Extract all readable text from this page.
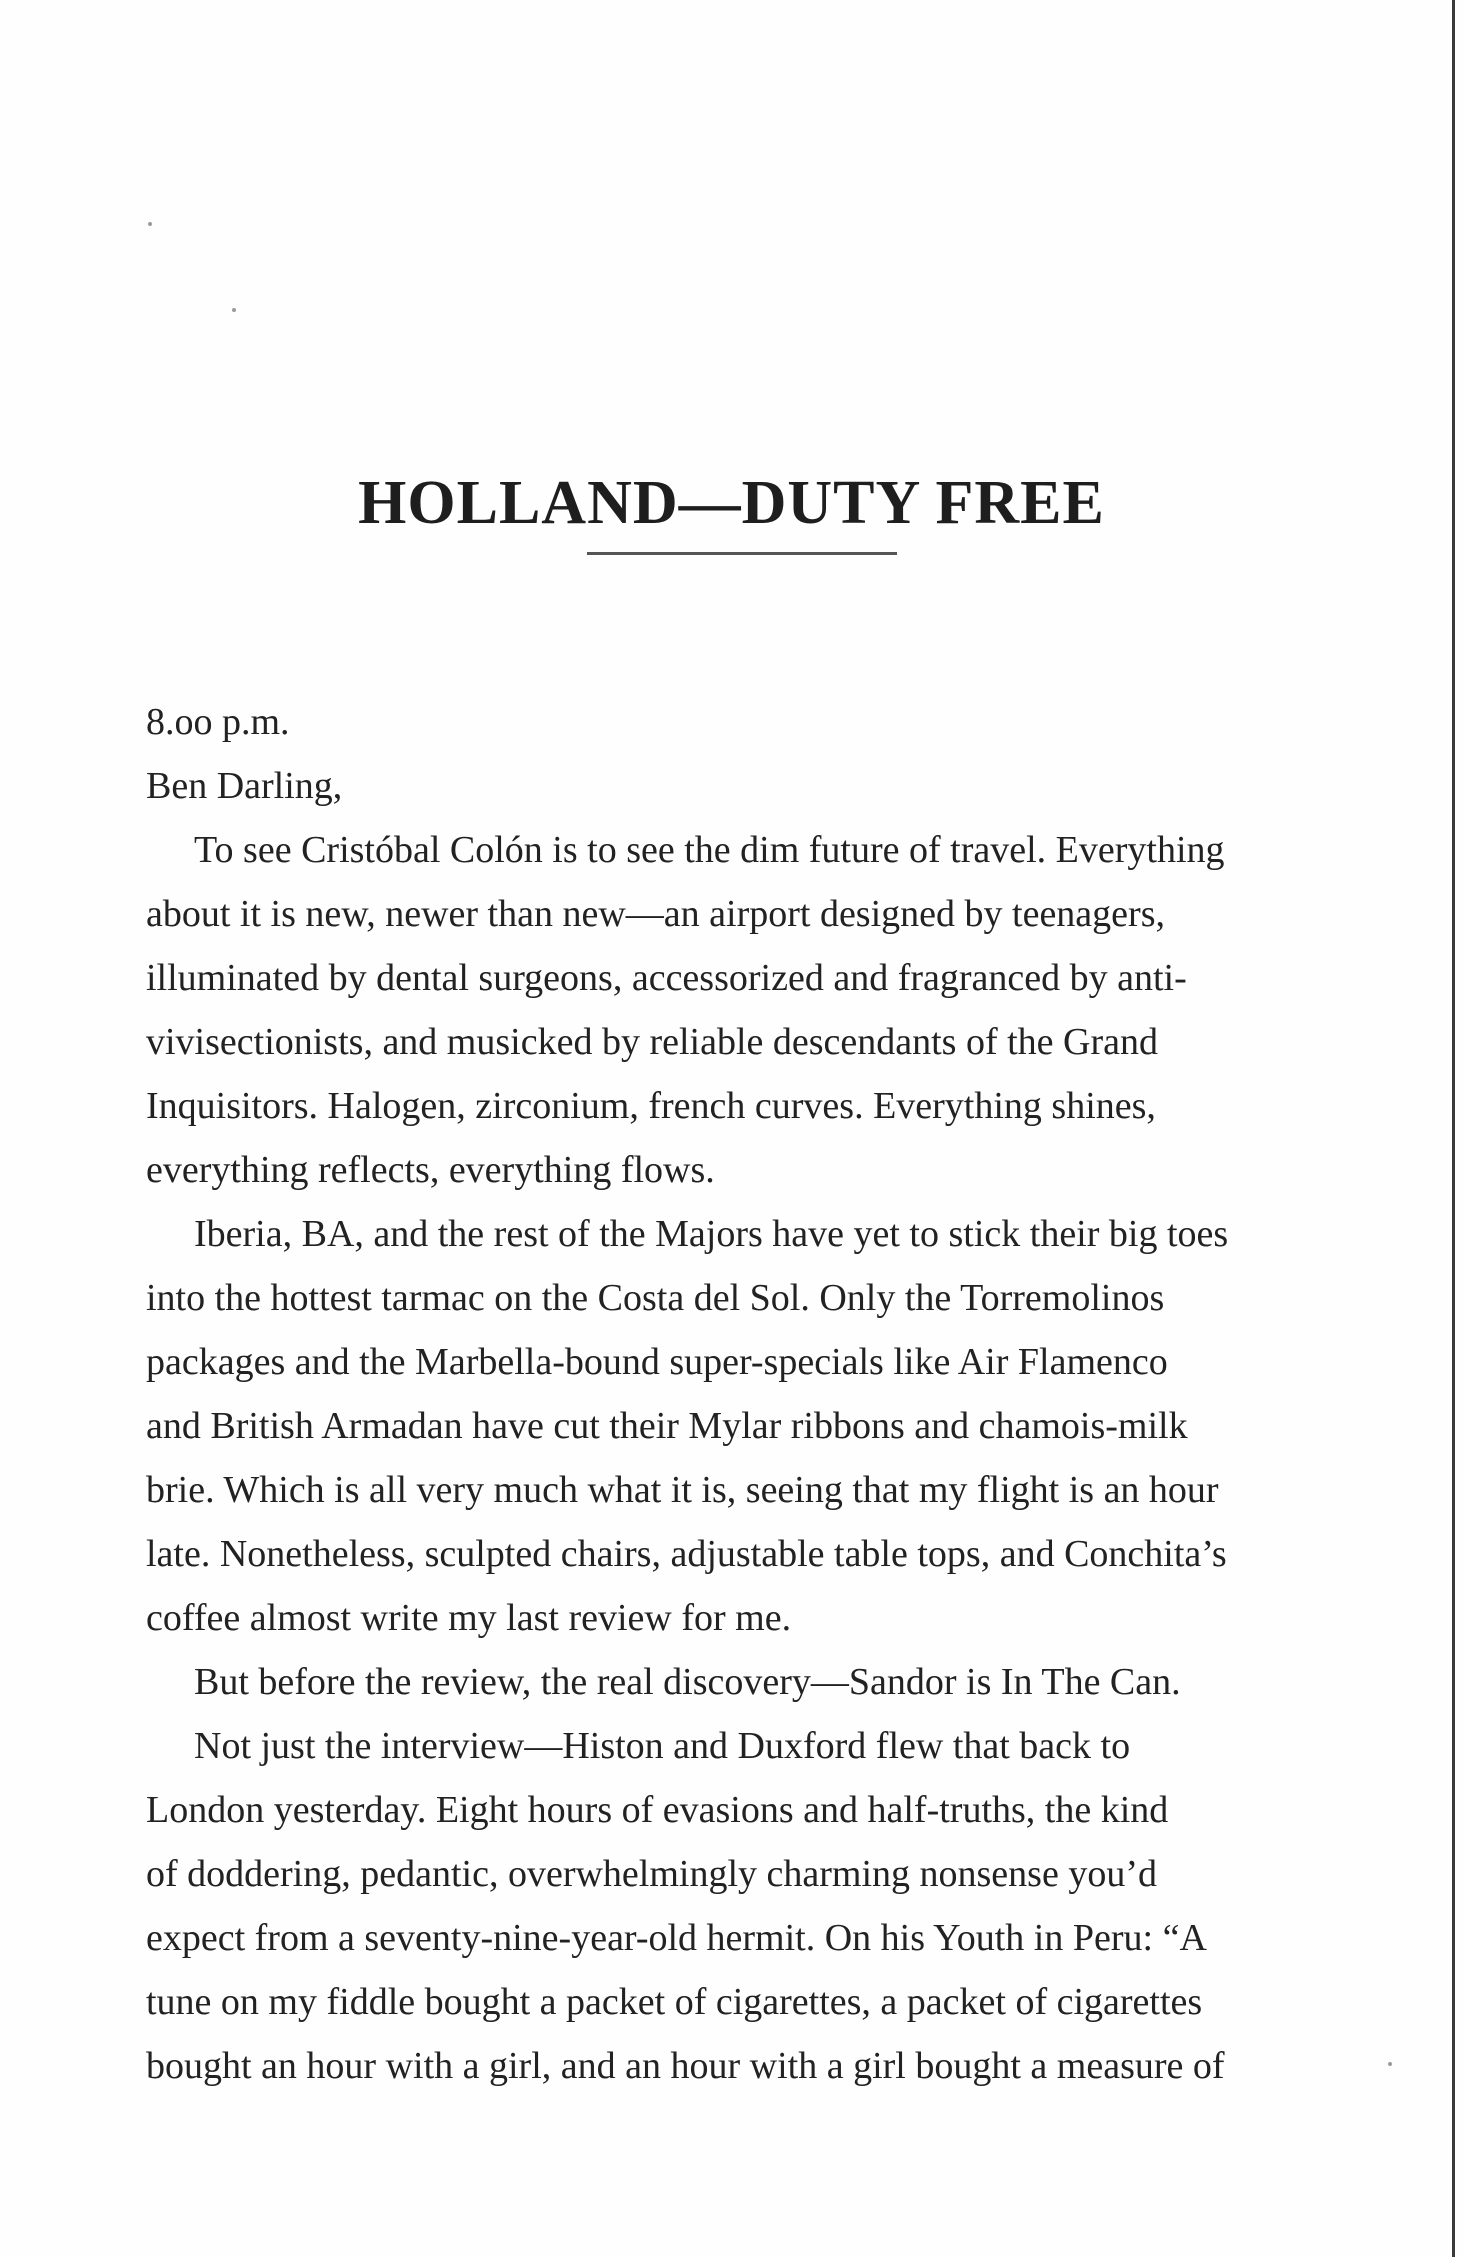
HOLLAND—DUTY FREE

8.oo p.m.

Ben Darling,

To see Cristóbal Colón is to see the dim future of travel. Everything

about it is new, newer than new—an airport designed by teenagers,

illuminated by dental surgeons, accessorized and fragranced by anti-

vivisectionists, and musicked by reliable descendants of the Grand

Inquisitors. Halogen, zirconium, french curves. Everything shines,

everything reflects, everything flows.

Iberia, BA, and the rest of the Majors have yet to stick their big toes

into the hottest tarmac on the Costa del Sol. Only the Torremolinos

packages and the Marbella-bound super-specials like Air Flamenco

and British Armadan have cut their Mylar ribbons and chamois-milk

brie. Which is all very much what it is, seeing that my flight is an hour

late. Nonetheless, sculpted chairs, adjustable table tops, and Conchita’s

coffee almost write my last review for me.

But before the review, the real discovery—Sandor is In The Can.

Not just the interview—Histon and Duxford flew that back to

London yesterday. Eight hours of evasions and half-truths, the kind

of doddering, pedantic, overwhelmingly charming nonsense you’d

expect from a seventy-nine-year-old hermit. On his Youth in Peru: “A

tune on my fiddle bought a packet of cigarettes, a packet of cigarettes

bought an hour with a girl, and an hour with a girl bought a measure of
